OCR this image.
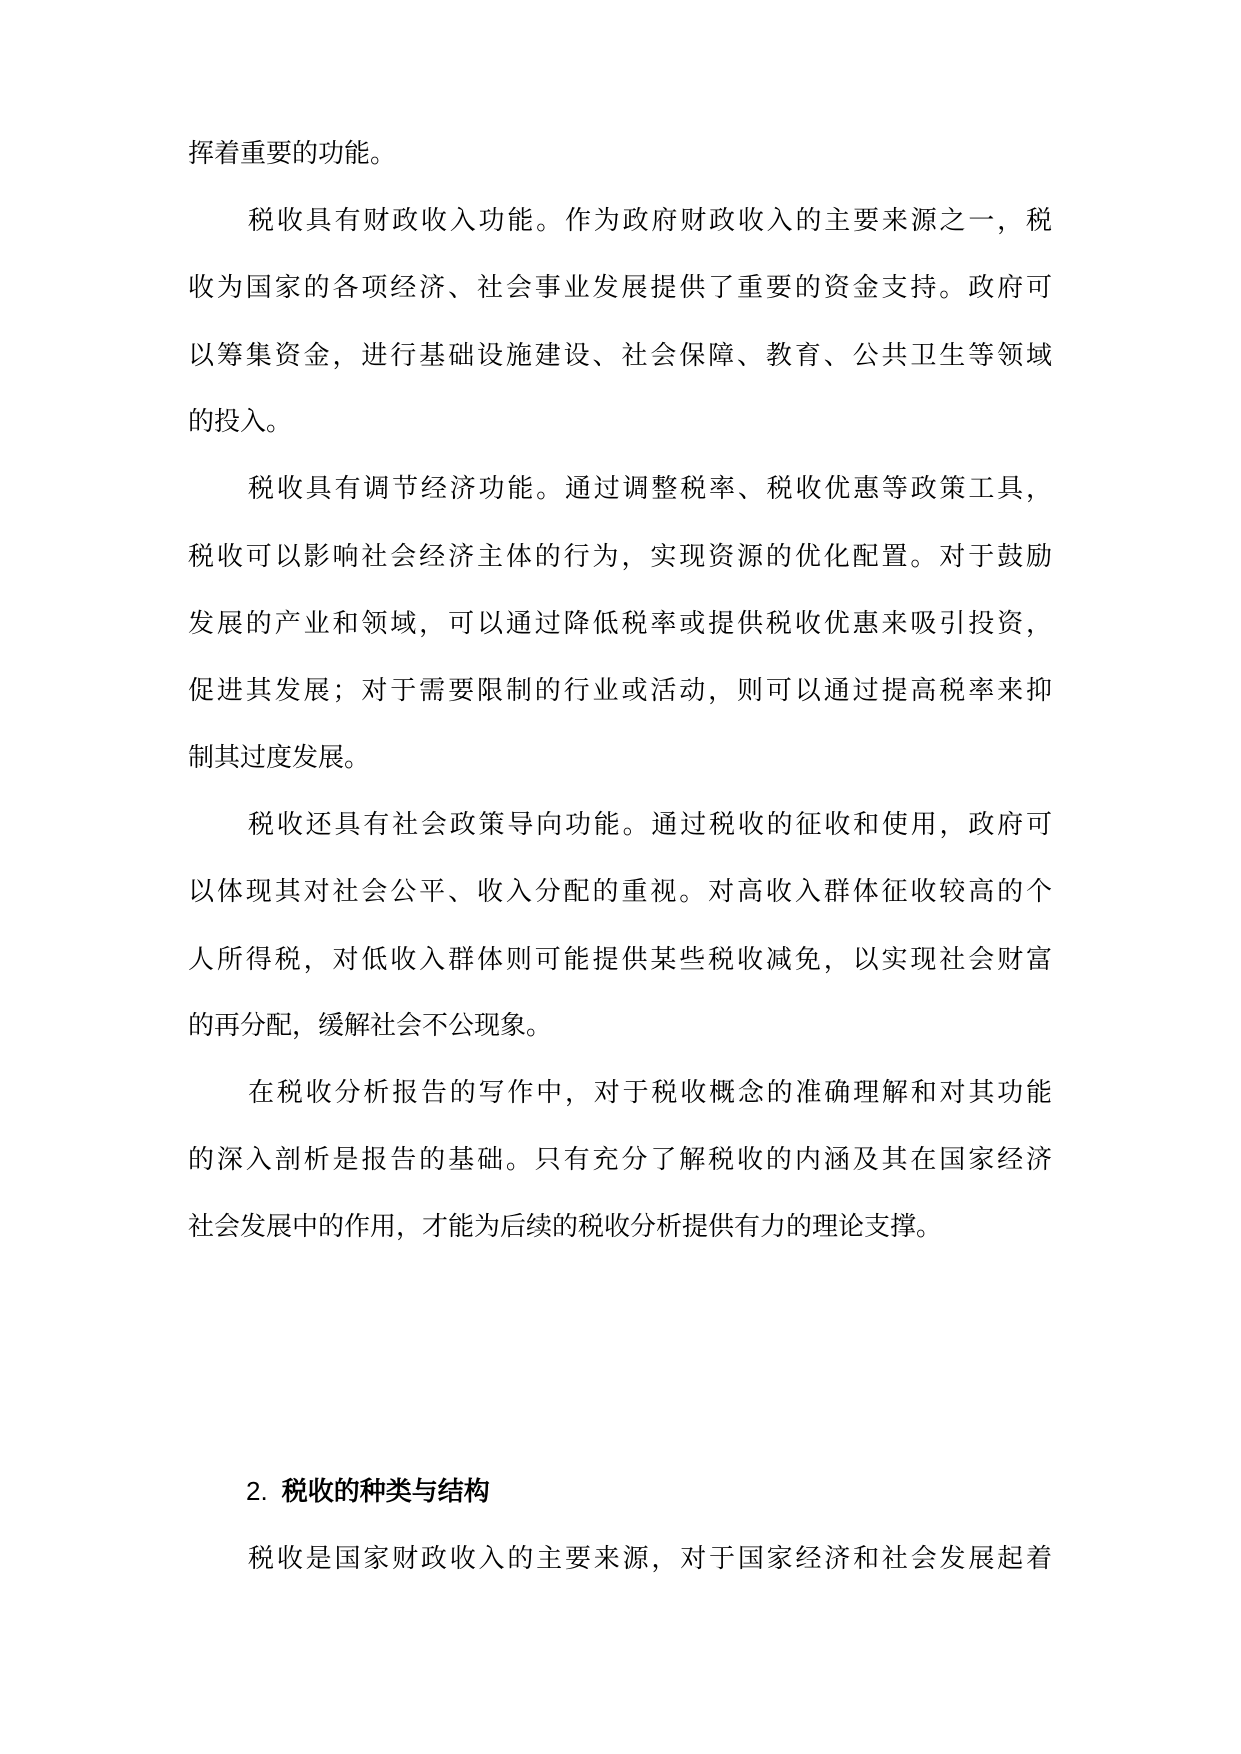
挥着重要的功能。
税收具有财政收入功能。作为政府财政收入的主要来源之一，税
收为国家的各项经济、社会事业发展提供了重要的资金支持。政府可
以筹集资金，进行基础设施建设、社会保障、教育、公共卫生等领域
的投入。
税收具有调节经济功能。通过调整税率、税收优惠等政策工具，
税收可以影响社会经济主体的行为，实现资源的优化配置。对于鼓励
发展的产业和领域，可以通过降低税率或提供税收优惠来吸引投资，
促进其发展；对于需要限制的行业或活动，则可以通过提高税率来抑
制其过度发展。
税收还具有社会政策导向功能。通过税收的征收和使用，政府可
以体现其对社会公平、收入分配的重视。对高收入群体征收较高的个
人所得税，对低收入群体则可能提供某些税收减免，以实现社会财富
的再分配，缓解社会不公现象。
在税收分析报告的写作中，对于税收概念的准确理解和对其功能
的深入剖析是报告的基础。只有充分了解税收的内涵及其在国家经济
社会发展中的作用，才能为后续的税收分析提供有力的理论支撑。
2. 税收的种类与结构
税收是国家财政收入的主要来源，对于国家经济和社会发展起着
